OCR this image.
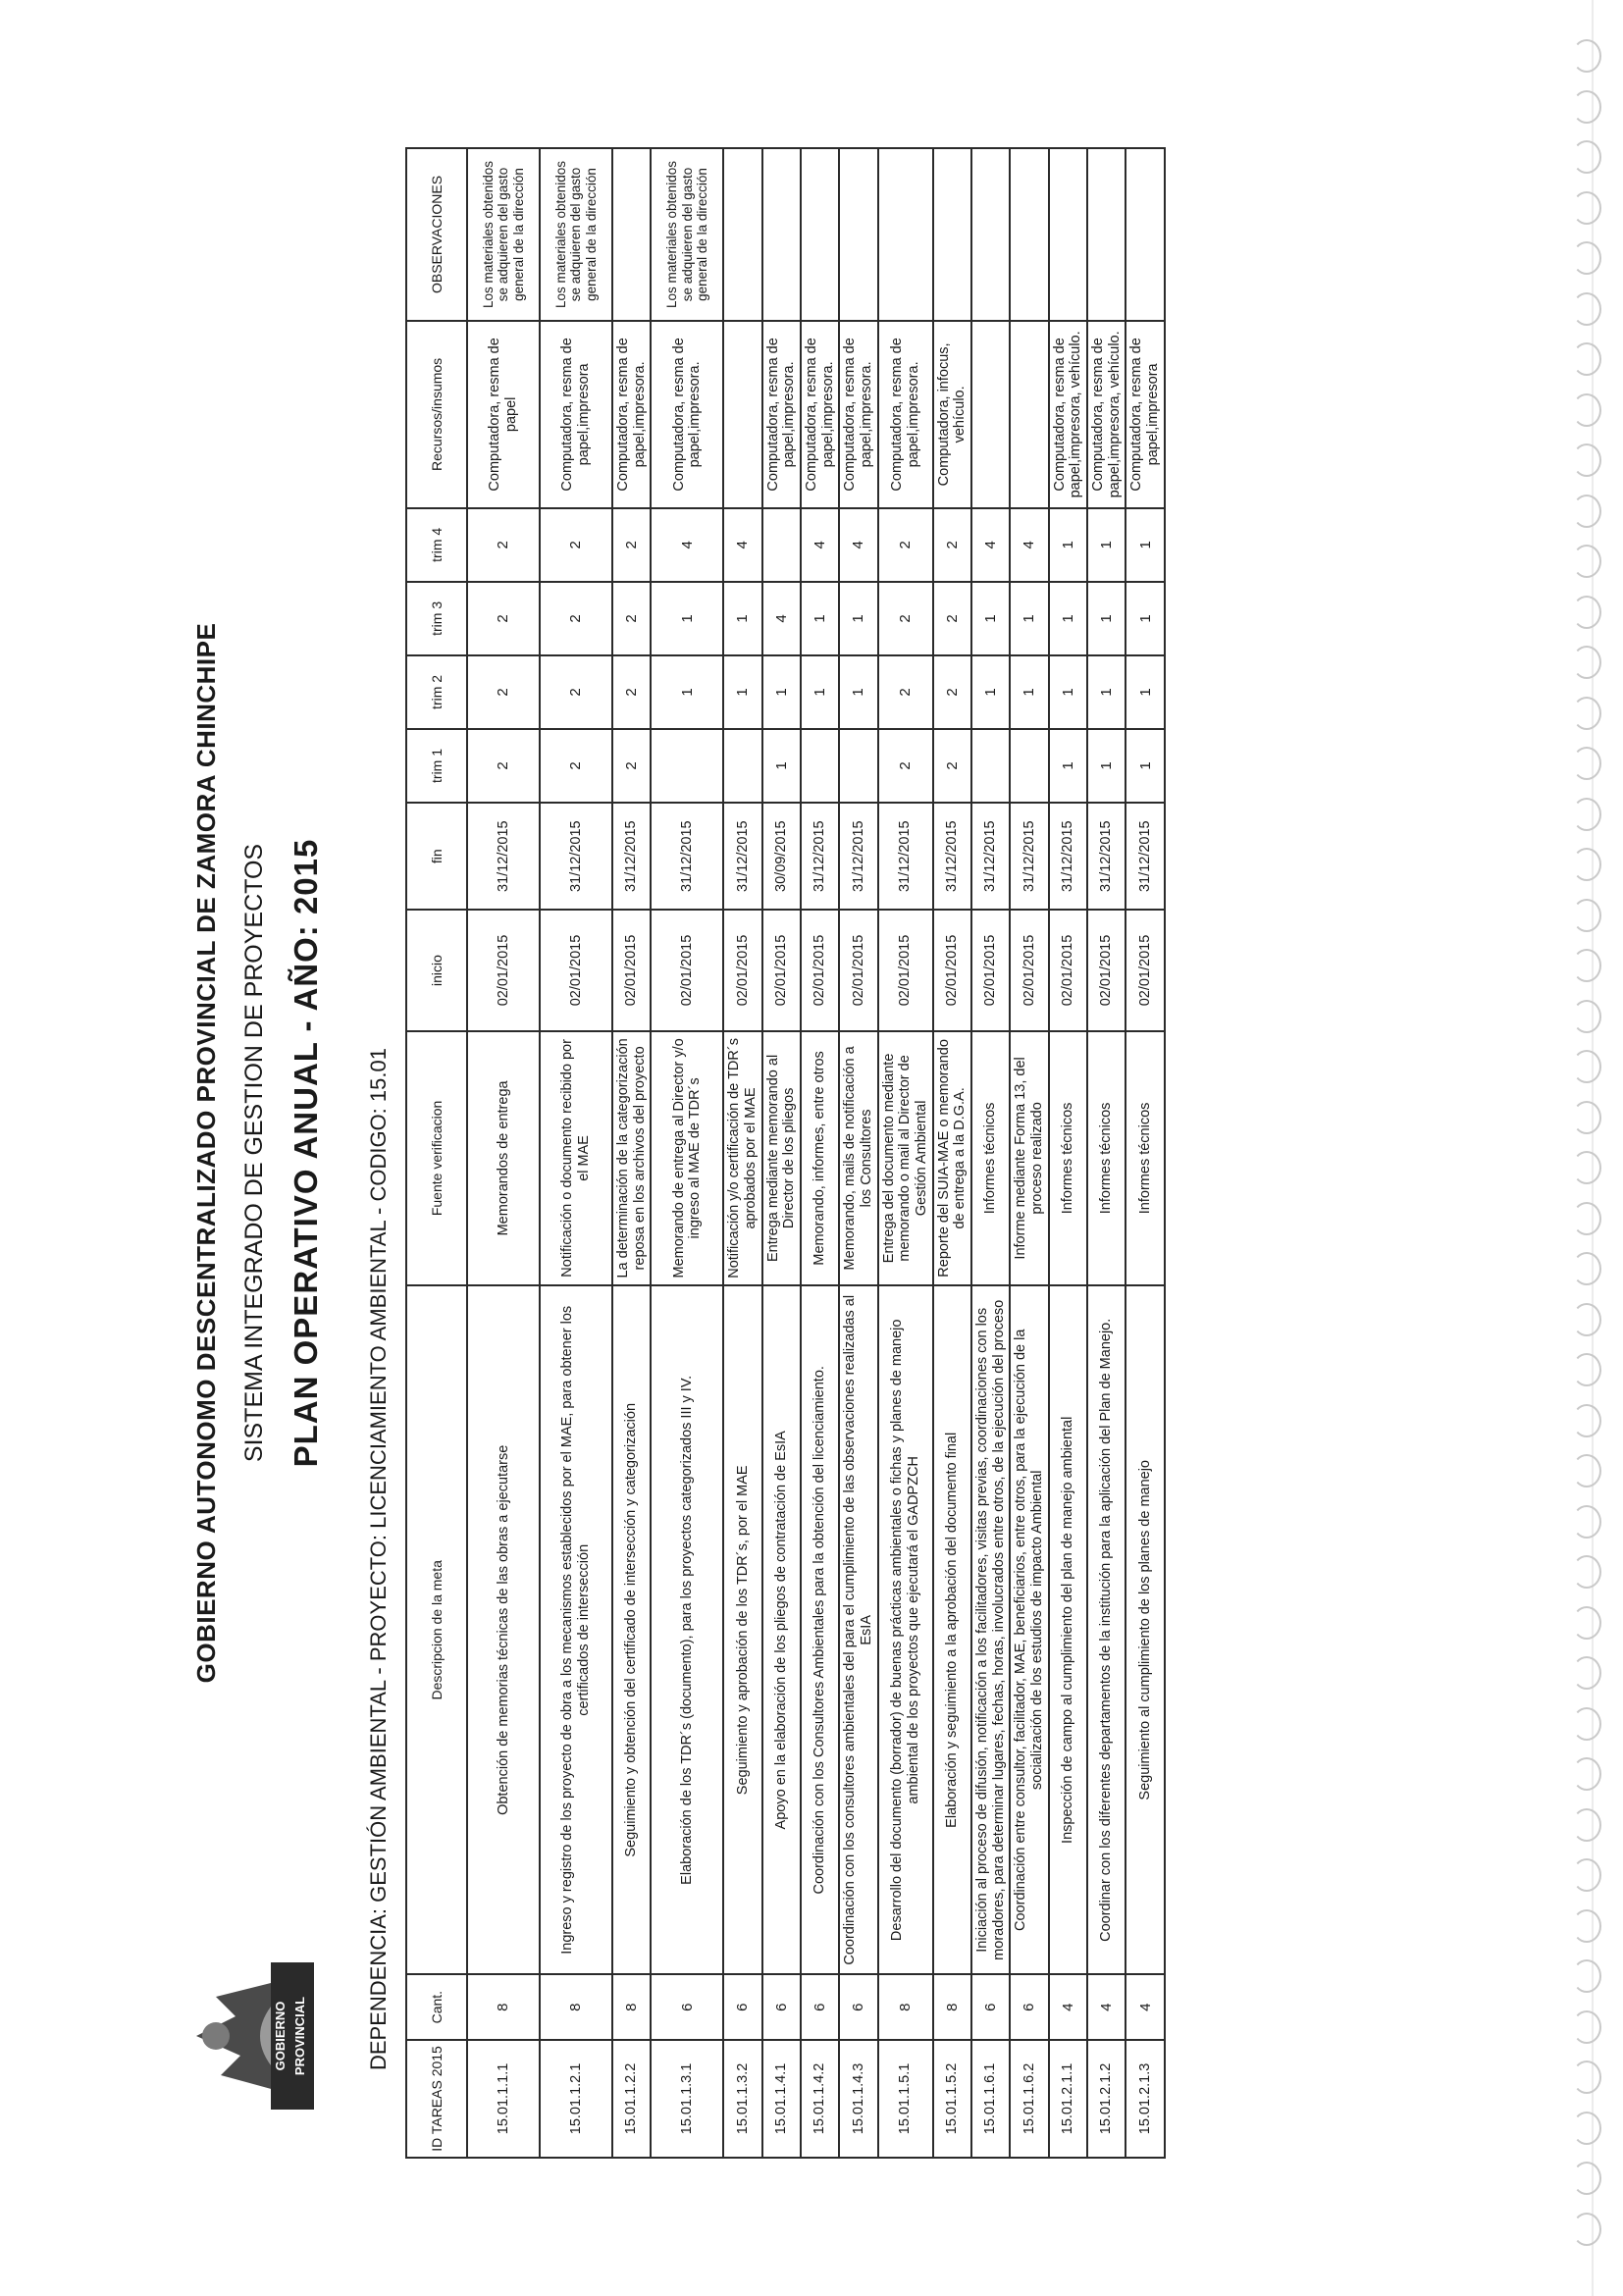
GOBIERNO PROVINCIAL Zamora Chinchipe
GOBIERNO AUTONOMO DESCENTRALIZADO PROVINCIAL DE ZAMORA CHINCHIPE SISTEMA INTEGRADO DE GESTION DE PROYECTOS PLAN OPERATIVO ANUAL - AÑO: 2015 DEPENDENCIA: GESTIÓN AMBIENTAL - PROYECTO: LICENCIAMIENTO AMBIENTAL - CODIGO: 15.01
ID TAREAS 2015	Cant.	Descripcion de la meta	Fuente verificacion	inicio	fin	trim 1	trim 2	trim 3	trim 4	Recursos/insumos	OBSERVACIONES
15.01.1.1.1	8	Obtención de memorias técnicas de las obras a ejecutarse	Memorandos de entrega	02/01/2015	31/12/2015	2	2	2	2	Computadora, resma de papel	Los materiales obtenidos se adquieren del gasto general de la dirección
15.01.1.2.1	8	Ingreso y registro de los proyecto de obra a los mecanismos establecidos por el MAE, para obtener los certificados de intersección	Notificación o documento recibido por el MAE	02/01/2015	31/12/2015	2	2	2	2	Computadora, resma de papel,impresora	Los materiales obtenidos se adquieren del gasto general de la dirección
15.01.1.2.2	8	Seguimiento y obtención del certificado de intersección y categorización	La determinación de la categorización reposa en los archivos del proyecto	02/01/2015	31/12/2015	2	2	2	2	Computadora, resma de papel,impresora.	
15.01.1.3.1	6	Elaboración de los TDR´s (documento), para los proyectos categorizados III y IV.	Memorando de entrega al Director y/o ingreso al MAE de TDR´s	02/01/2015	31/12/2015		1	1	4	Computadora, resma de papel,impresora.	Los materiales obtenidos se adquieren del gasto general de la dirección
15.01.1.3.2	6	Seguimiento y aprobación de los TDR´s, por el MAE	Notificación y/o certificación de TDR´s aprobados por el MAE	02/01/2015	31/12/2015		1	1	4		
15.01.1.4.1	6	Apoyo en la elaboración de los pliegos de contratación de EsIA	Entrega mediante memorando al Director de los pliegos	02/01/2015	30/09/2015	1	1	4		Computadora, resma de papel,impresora.	
15.01.1.4.2	6	Coordinación con los Consultores Ambientales para la obtención del licenciamiento.	Memorando, informes, entre otros	02/01/2015	31/12/2015		1	1	4	Computadora, resma de papel,impresora.	
15.01.1.4.3	6	Coordinación con los consultores ambientales del para el cumplimiento de las observaciones realizadas al EsIA	Memorando, mails de notificación a los Consultores	02/01/2015	31/12/2015		1	1	4	Computadora, resma de papel,impresora.	
15.01.1.5.1	8	Desarrollo del documento (borrador) de buenas prácticas ambientales o fichas y planes de manejo ambiental de los proyectos que ejecutará el GADPZCH	Entrega del documento mediante memorando o mail al Director de Gestión Ambiental	02/01/2015	31/12/2015	2	2	2	2	Computadora, resma de papel,impresora.	
15.01.1.5.2	8	Elaboración y seguimiento a la aprobación del documento final	Reporte del SUIA-MAE o memorando de entrega a la D.G.A.	02/01/2015	31/12/2015	2	2	2	2	Computadora, infocus, vehículo.	
15.01.1.6.1	6	Iniciación al proceso de difusión, notificación a los facilitadores, visitas previas, coordinaciones con los moradores, para determinar lugares, fechas, horas, involucrados entre otros, de la ejecución del proceso	Informes técnicos	02/01/2015	31/12/2015		1	1	4		
15.01.1.6.2	6	Coordinación entre consultor, facilitador, MAE, beneficiarios, entre otros, para la ejecución de la socialización de los estudios de impacto Ambiental	Informe mediante Forma 13, del proceso realizado	02/01/2015	31/12/2015		1	1	4		
15.01.2.1.1	4	Inspección de campo al cumplimiento del plan de manejo ambiental	Informes técnicos	02/01/2015	31/12/2015	1	1	1	1	Computadora, resma de papel,impresora, vehículo.	
15.01.2.1.2	4	Coordinar con los diferentes departamentos de la institución para la aplicación del Plan de Manejo.	Informes técnicos	02/01/2015	31/12/2015	1	1	1	1	Computadora, resma de papel,impresora, vehículo.	
15.01.2.1.3	4	Seguimiento al cumplimiento de los planes de manejo	Informes técnicos	02/01/2015	31/12/2015	1	1	1	1	Computadora, resma de papel,impresora	
